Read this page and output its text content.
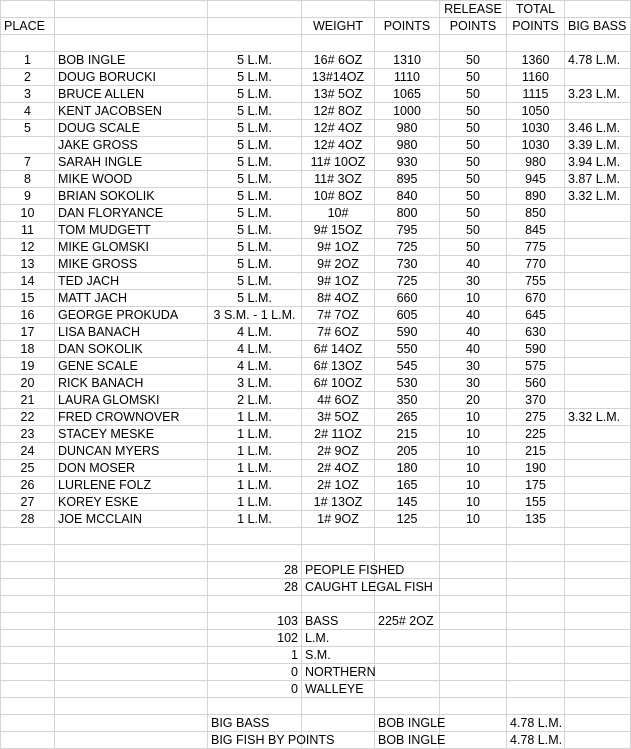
					RELEASE	TOTAL	
PLACE			WEIGHT	POINTS	POINTS	POINTS	BIG BASS

1	BOB INGLE	5 L.M.	16# 6OZ	1310	50	1360	4.78 L.M.
2	DOUG BORUCKI	5 L.M.	13#14OZ	1110	50	1160	
3	BRUCE ALLEN	5 L.M.	13# 5OZ	1065	50	1115	3.23 L.M.
4	KENT JACOBSEN	5 L.M.	12# 8OZ	1000	50	1050	
5	DOUG SCALE	5 L.M.	12# 4OZ	980	50	1030	3.46 L.M.
	JAKE GROSS	5 L.M.	12# 4OZ	980	50	1030	3.39 L.M.
7	SARAH INGLE	5 L.M.	11# 10OZ	930	50	980	3.94 L.M.
8	MIKE WOOD	5 L.M.	11# 3OZ	895	50	945	3.87 L.M.
9	BRIAN SOKOLIK	5 L.M.	10# 8OZ	840	50	890	3.32 L.M.
10	DAN FLORYANCE	5 L.M.	10#	800	50	850	
11	TOM MUDGETT	5 L.M.	9# 15OZ	795	50	845	
12	MIKE GLOMSKI	5 L.M.	9# 1OZ	725	50	775	
13	MIKE GROSS	5 L.M.	9# 2OZ	730	40	770	
14	TED JACH	5 L.M.	9# 1OZ	725	30	755	
15	MATT JACH	5 L.M.	8# 4OZ	660	10	670	
16	GEORGE PROKUDA	3 S.M. - 1 L.M.	7# 7OZ	605	40	645	
17	LISA BANACH	4 L.M.	7# 6OZ	590	40	630	
18	DAN SOKOLIK	4 L.M.	6# 14OZ	550	40	590	
19	GENE SCALE	4 L.M.	6# 13OZ	545	30	575	
20	RICK BANACH	3 L.M.	6# 10OZ	530	30	560	
21	LAURA GLOMSKI	2 L.M.	4# 6OZ	350	20	370	
22	FRED CROWNOVER	1 L.M.	3# 5OZ	265	10	275	3.32 L.M.
23	STACEY MESKE	1 L.M.	2# 11OZ	215	10	225	
24	DUNCAN MYERS	1 L.M.	2# 9OZ	205	10	215	
25	DON MOSER	1 L.M.	2# 4OZ	180	10	190	
26	LURLENE FOLZ	1 L.M.	2# 1OZ	165	10	175	
27	KOREY ESKE	1 L.M.	1# 13OZ	145	10	155	
28	JOE MCCLAIN	1 L.M.	1# 9OZ	125	10	135	

		28	PEOPLE FISHED				
		28	CAUGHT LEGAL FISH				

		103	BASS	225# 2OZ			
		102	L.M.				
		1	S.M.				
		0	NORTHERN				
		0	WALLEYE				

		BIG BASS		BOB INGLE		4.78 L.M.	
		BIG FISH BY POINTS		BOB INGLE		4.78 L.M.	
